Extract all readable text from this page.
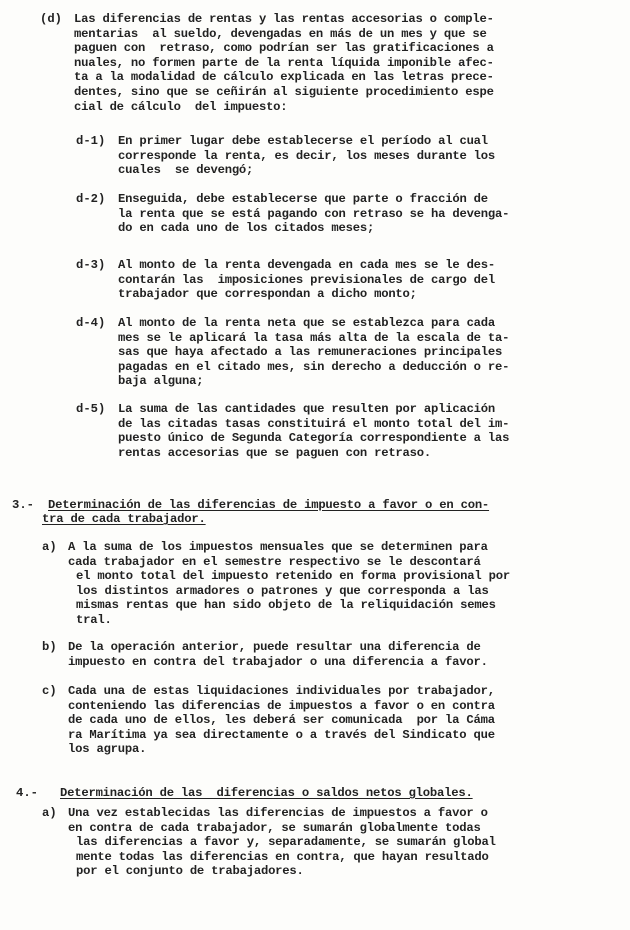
(d) Las diferencias de rentas y las rentas accesorias o comple-
mentarias  al sueldo, devengadas en más de un mes y que se
paguen con  retraso, como podrían ser las gratificaciones a
nuales, no formen parte de la renta líquida imponible afec-
ta a la modalidad de cálculo explicada en las letras prece-
dentes, sino que se ceñirán al siguiente procedimiento espe
cial de cálculo  del impuesto:
d-1) En primer lugar debe establecerse el período al cual
corresponde la renta, es decir, los meses durante los
cuales  se devengó;
d-2) Enseguida, debe establecerse que parte o fracción de
la renta que se está pagando con retraso se ha devenga-
do en cada uno de los citados meses;
d-3) Al monto de la renta devengada en cada mes se le des-
contarán las  imposiciones previsionales de cargo del
trabajador que correspondan a dicho monto;
d-4) Al monto de la renta neta que se establezca para cada
mes se le aplicará la tasa más alta de la escala de ta-
sas que haya afectado a las remuneraciones principales
pagadas en el citado mes, sin derecho a deducción o re-
baja alguna;
d-5) La suma de las cantidades que resulten por aplicación
de las citadas tasas constituirá el monto total del im-
puesto único de Segunda Categoría correspondiente a las
rentas accesorias que se paguen con retraso.
3.- Determinación de las diferencias de impuesto a favor o en con-
tra de cada trabajador.
a) A la suma de los impuestos mensuales que se determinen para
cada trabajador en el semestre respectivo se le descontará
el monto total del impuesto retenido en forma provisional por
los distintos armadores o patrones y que corresponda a las
mismas rentas que han sido objeto de la reliquidación semes
tral.
b) De la operación anterior, puede resultar una diferencia de
impuesto en contra del trabajador o una diferencia a favor.
c) Cada una de estas liquidaciones individuales por trabajador,
conteniendo las diferencias de impuestos a favor o en contra
de cada uno de ellos, les deberá ser comunicada  por la Cáma
ra Marítima ya sea directamente o a través del Sindicato que
los agrupa.
4.- Determinación de las  diferencias o saldos netos globales.
a) Una vez establecidas las diferencias de impuestos a favor o
en contra de cada trabajador, se sumarán globalmente todas
las diferencias a favor y, separadamente, se sumarán global
mente todas las diferencias en contra, que hayan resultado
por el conjunto de trabajadores.
